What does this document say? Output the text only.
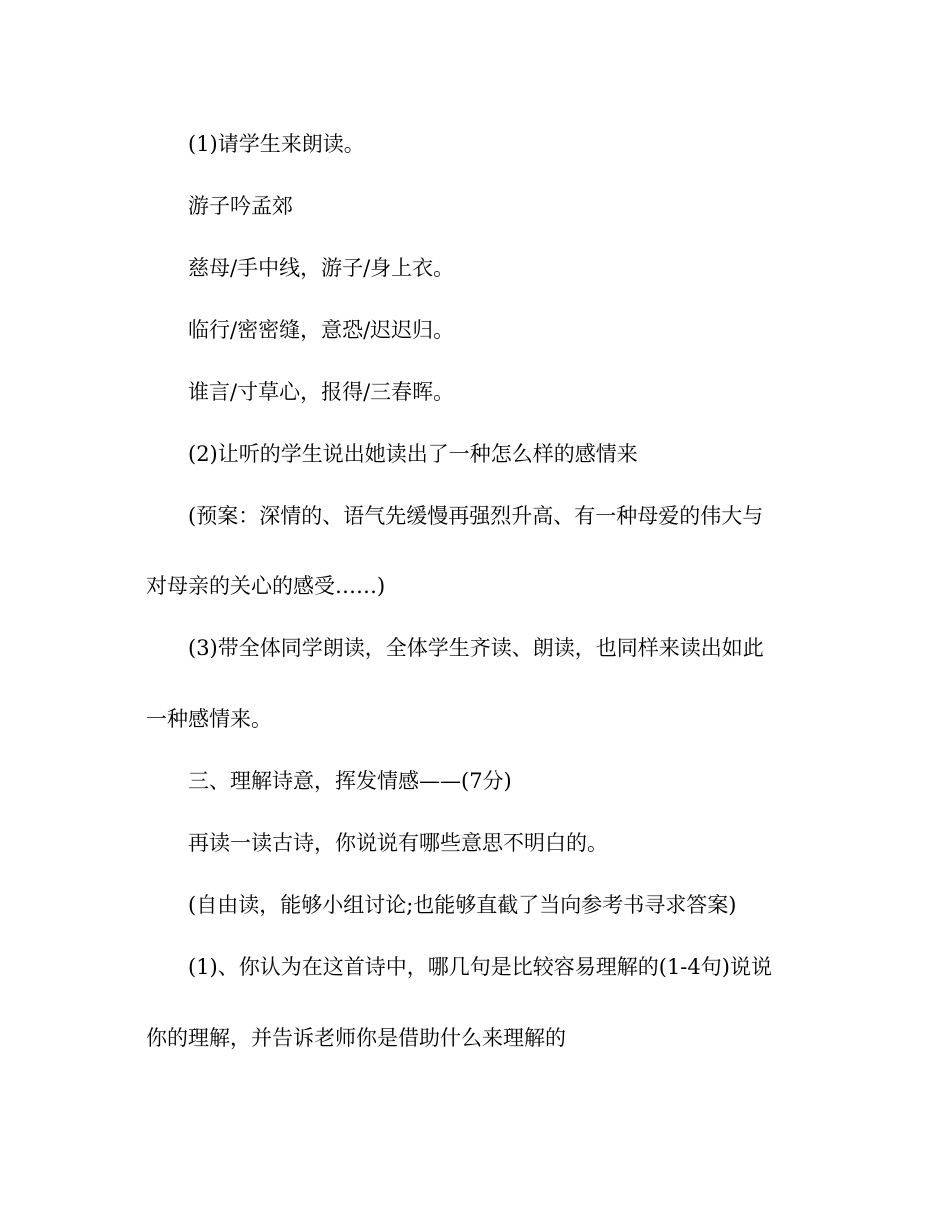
(1)请学生来朗读。
游子吟孟郊
慈母/手中线，游子/身上衣。
临行/密密缝，意恐/迟迟归。
谁言/寸草心，报得/三春晖。
(2)让听的学生说出她读出了一种怎么样的感情来
(预案：深情的、语气先缓慢再强烈升高、有一种母爱的伟大与
对母亲的关心的感受……)
(3)带全体同学朗读，全体学生齐读、朗读，也同样来读出如此
一种感情来。
三、理解诗意，挥发情感——(7分)
再读一读古诗，你说说有哪些意思不明白的。
(自由读，能够小组讨论;也能够直截了当向参考书寻求答案)
(1)、你认为在这首诗中，哪几句是比较容易理解的(1-4句)说说
你的理解，并告诉老师你是借助什么来理解的
